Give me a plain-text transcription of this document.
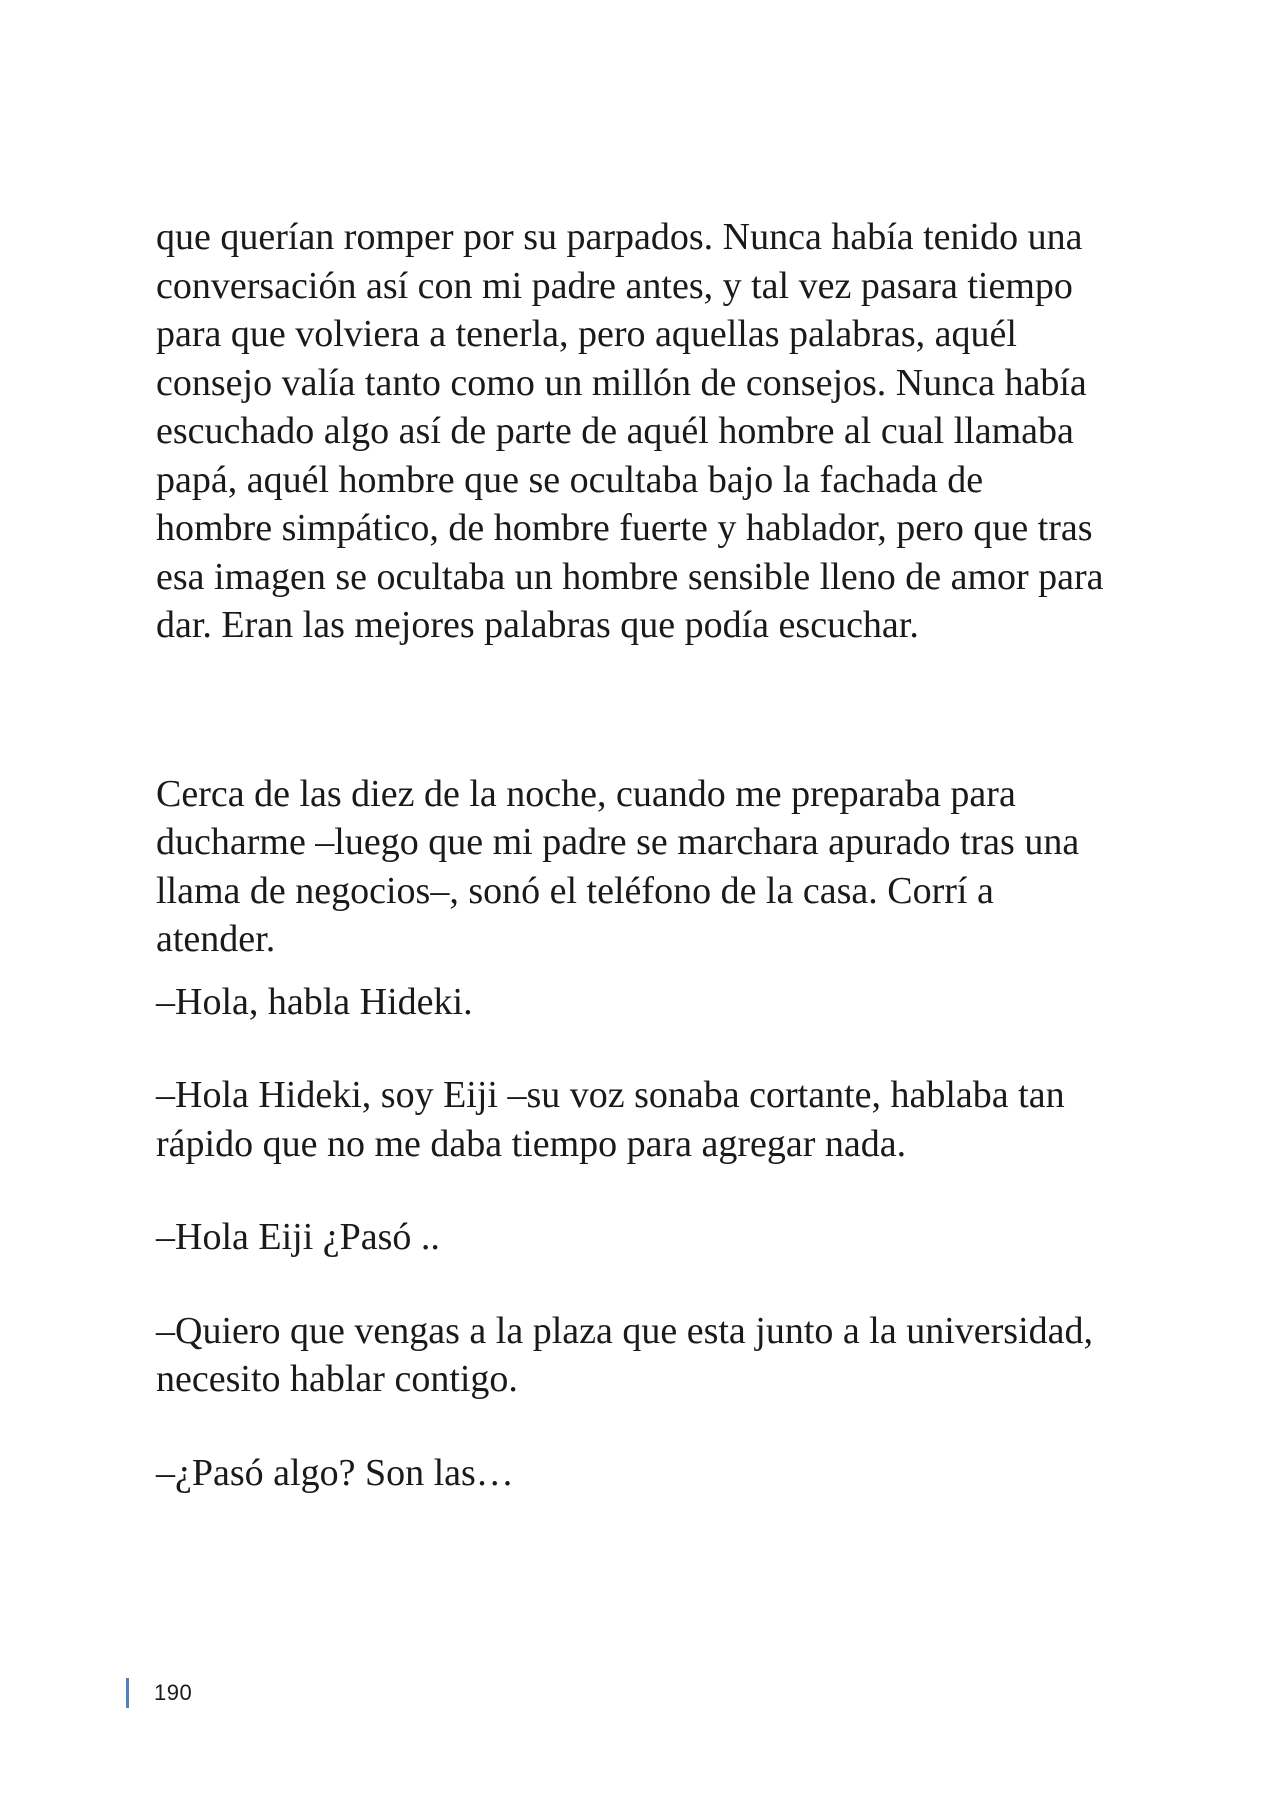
que querían romper por su parpados. Nunca había tenido una
conversación así con mi padre antes, y tal vez pasara tiempo
para que volviera a tenerla, pero aquellas palabras, aquél
consejo valía tanto como un millón de consejos. Nunca había
escuchado algo así de parte de aquél hombre al cual llamaba
papá, aquél hombre que se ocultaba bajo la fachada de
hombre simpático, de hombre fuerte y hablador, pero que tras
esa imagen se ocultaba un hombre sensible lleno de amor para
dar. Eran las mejores palabras que podía escuchar.

Cerca de las diez de la noche, cuando me preparaba para
ducharme –luego que mi padre se marchara apurado tras una
llama de negocios–, sonó el teléfono de la casa. Corrí a
atender.

–Hola, habla Hideki.

–Hola Hideki, soy Eiji –su voz sonaba cortante, hablaba tan
rápido que no me daba tiempo para agregar nada.

–Hola Eiji ¿Pasó ..

–Quiero que vengas a la plaza que esta junto a la universidad,
necesito hablar contigo.

–¿Pasó algo? Son las…

190
